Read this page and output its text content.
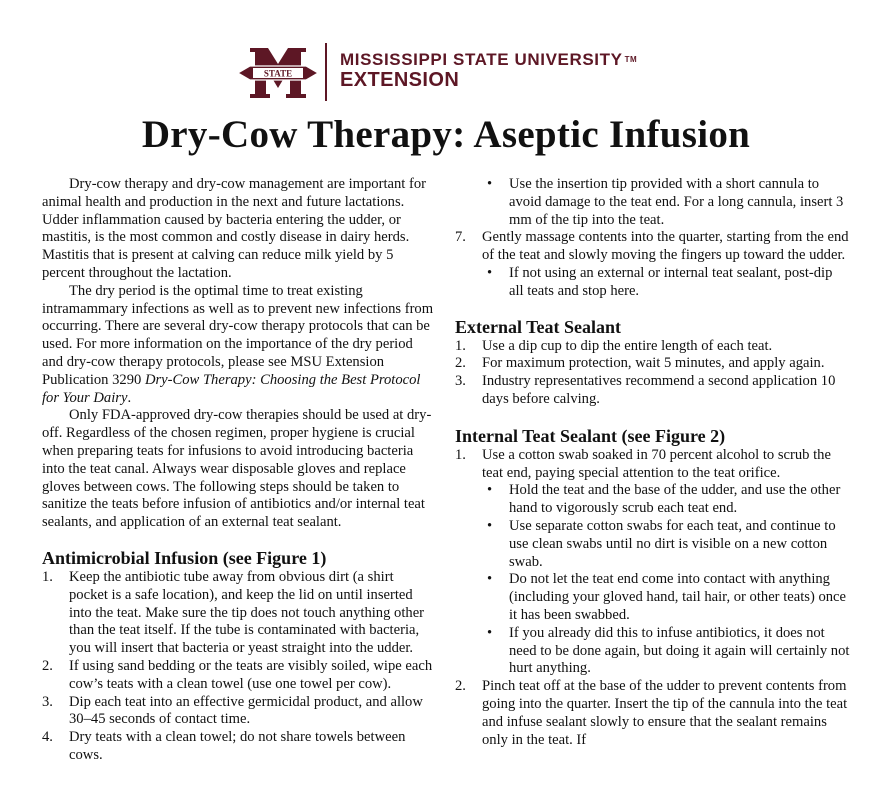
STATE
MISSISSIPPI STATE UNIVERSITY ™
EXTENSION
Dry-Cow Therapy: Aseptic Infusion

Dry-cow therapy and dry-cow management are important for animal health and production in the next and future lactations. Udder inflammation caused by bacteria entering the udder, or mastitis, is the most common and costly disease in dairy herds. Mastitis that is present at calving can reduce milk yield by 5 percent throughout the lactation.

The dry period is the optimal time to treat existing intramammary infections as well as to prevent new infections from occurring. There are several dry-cow therapy protocols that can be used. For more information on the importance of the dry period and dry-cow therapy protocols, please see MSU Extension Publication 3290 Dry-Cow Therapy: Choosing the Best Protocol for Your Dairy.

Only FDA-approved dry-cow therapies should be used at dry-off. Regardless of the chosen regimen, proper hygiene is crucial when preparing teats for infusions to avoid introducing bacteria into the teat canal. Always wear disposable gloves and replace gloves between cows. The following steps should be taken to sanitize the teats before infusion of antibiotics and/or internal teat sealants, and application of an external teat sealant.

Antimicrobial Infusion (see Figure 1)
1. Keep the antibiotic tube away from obvious dirt (a shirt pocket is a safe location), and keep the lid on until inserted into the teat. Make sure the tip does not touch anything other than the teat itself. If the tube is contaminated with bacteria, you will insert that bacteria or yeast straight into the udder.
2. If using sand bedding or the teats are visibly soiled, wipe each cow’s teats with a clean towel (use one towel per cow).
3. Dip each teat into an effective germicidal product, and allow 30–45 seconds of contact time.
4. Dry teats with a clean towel; do not share towels between cows.
• Use the insertion tip provided with a short cannula to avoid damage to the teat end. For a long cannula, insert 3 mm of the tip into the teat.
7. Gently massage contents into the quarter, starting from the end of the teat and slowly moving the fingers up toward the udder.
• If not using an external or internal teat sealant, post-dip all teats and stop here.
External Teat Sealant
1. Use a dip cup to dip the entire length of each teat.
2. For maximum protection, wait 5 minutes, and apply again.
3. Industry representatives recommend a second application 10 days before calving.
Internal Teat Sealant (see Figure 2)
1. Use a cotton swab soaked in 70 percent alcohol to scrub the teat end, paying special attention to the teat orifice.
• Hold the teat and the base of the udder, and use the other hand to vigorously scrub each teat end.
• Use separate cotton swabs for each teat, and continue to use clean swabs until no dirt is visible on a new cotton swab.
• Do not let the teat end come into contact with anything (including your gloved hand, tail hair, or other teats) once it has been swabbed.
• If you already did this to infuse antibiotics, it does not need to be done again, but doing it again will certainly not hurt anything.
2. Pinch teat off at the base of the udder to prevent contents from going into the quarter. Insert the tip of the cannula into the teat and infuse sealant slowly to ensure that the sealant remains only in the teat. If
